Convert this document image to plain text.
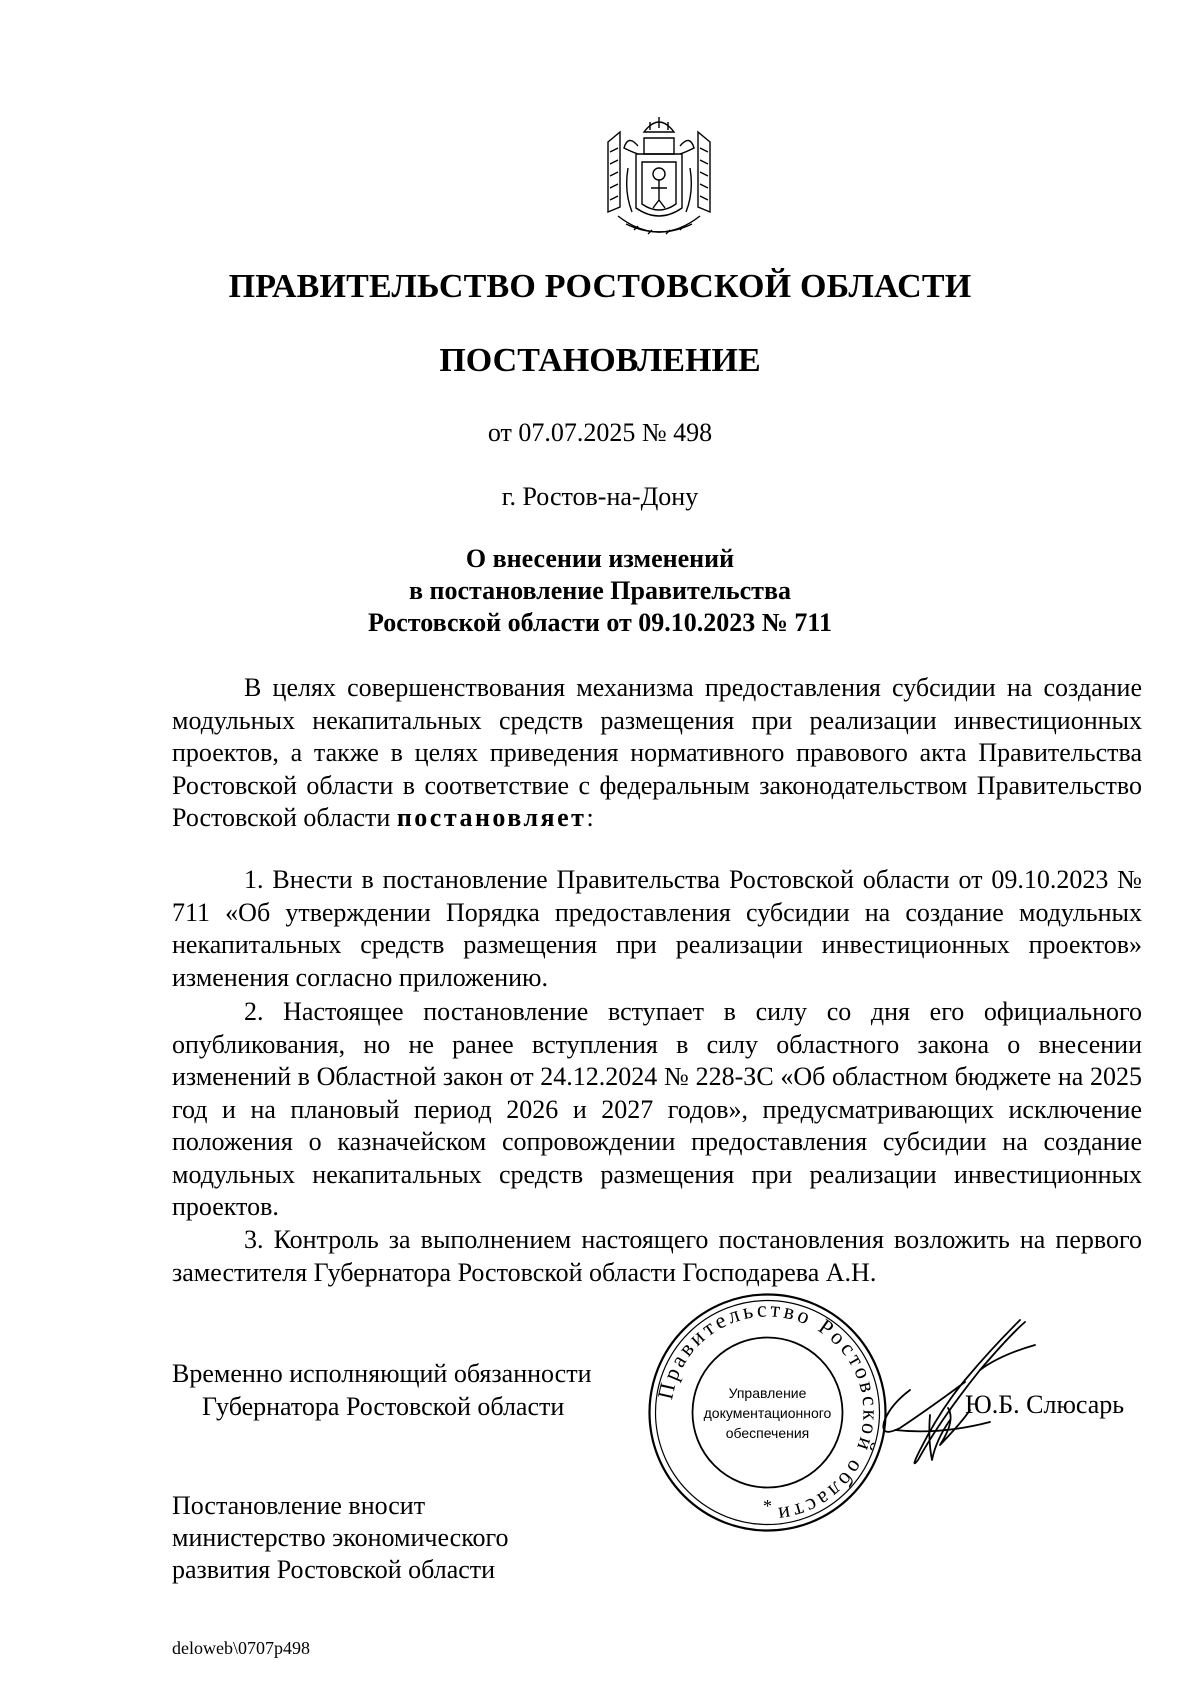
ПРАВИТЕЛЬСТВО РОСТОВСКОЙ ОБЛАСТИ
ПОСТАНОВЛЕНИЕ
от 07.07.2025 № 498
г. Ростов-на-Дону
О внесении изменений
в постановление Правительства
Ростовской области от 09.10.2023 № 711

В целях совершенствования механизма предоставления субсидии на создание модульных некапитальных средств размещения при реализации инвестиционных проектов, а также в целях приведения нормативного правового акта Правительства Ростовской области в соответствие с федеральным законодательством Правительство Ростовской области постановляет:

1. Внести в постановление Правительства Ростовской области от 09.10.2023 № 711 «Об утверждении Порядка предоставления субсидии на создание модульных некапитальных средств размещения при реализации инвестиционных проектов» изменения согласно приложению.

2. Настоящее постановление вступает в силу со дня его официального опубликования, но не ранее вступления в силу областного закона о внесении изменений в Областной закон от 24.12.2024 № 228-ЗС «Об областном бюджете на 2025 год и на плановый период 2026 и 2027 годов», предусматривающих исключение положения о казначейском сопровождении предоставления субсидии на создание модульных некапитальных средств размещения при реализации инвестиционных проектов.

3. Контроль за выполнением настоящего постановления возложить на первого заместителя Губернатора Ростовской области Господарева А.Н.

Временно исполняющий обязанности
Губернатора Ростовской области
Правительство Ростовской области
Управление
документационного
обеспечения
*
Ю.Б. Слюсарь
Постановление вносит
министерство экономического
развития Ростовской области
deloweb\0707p498
